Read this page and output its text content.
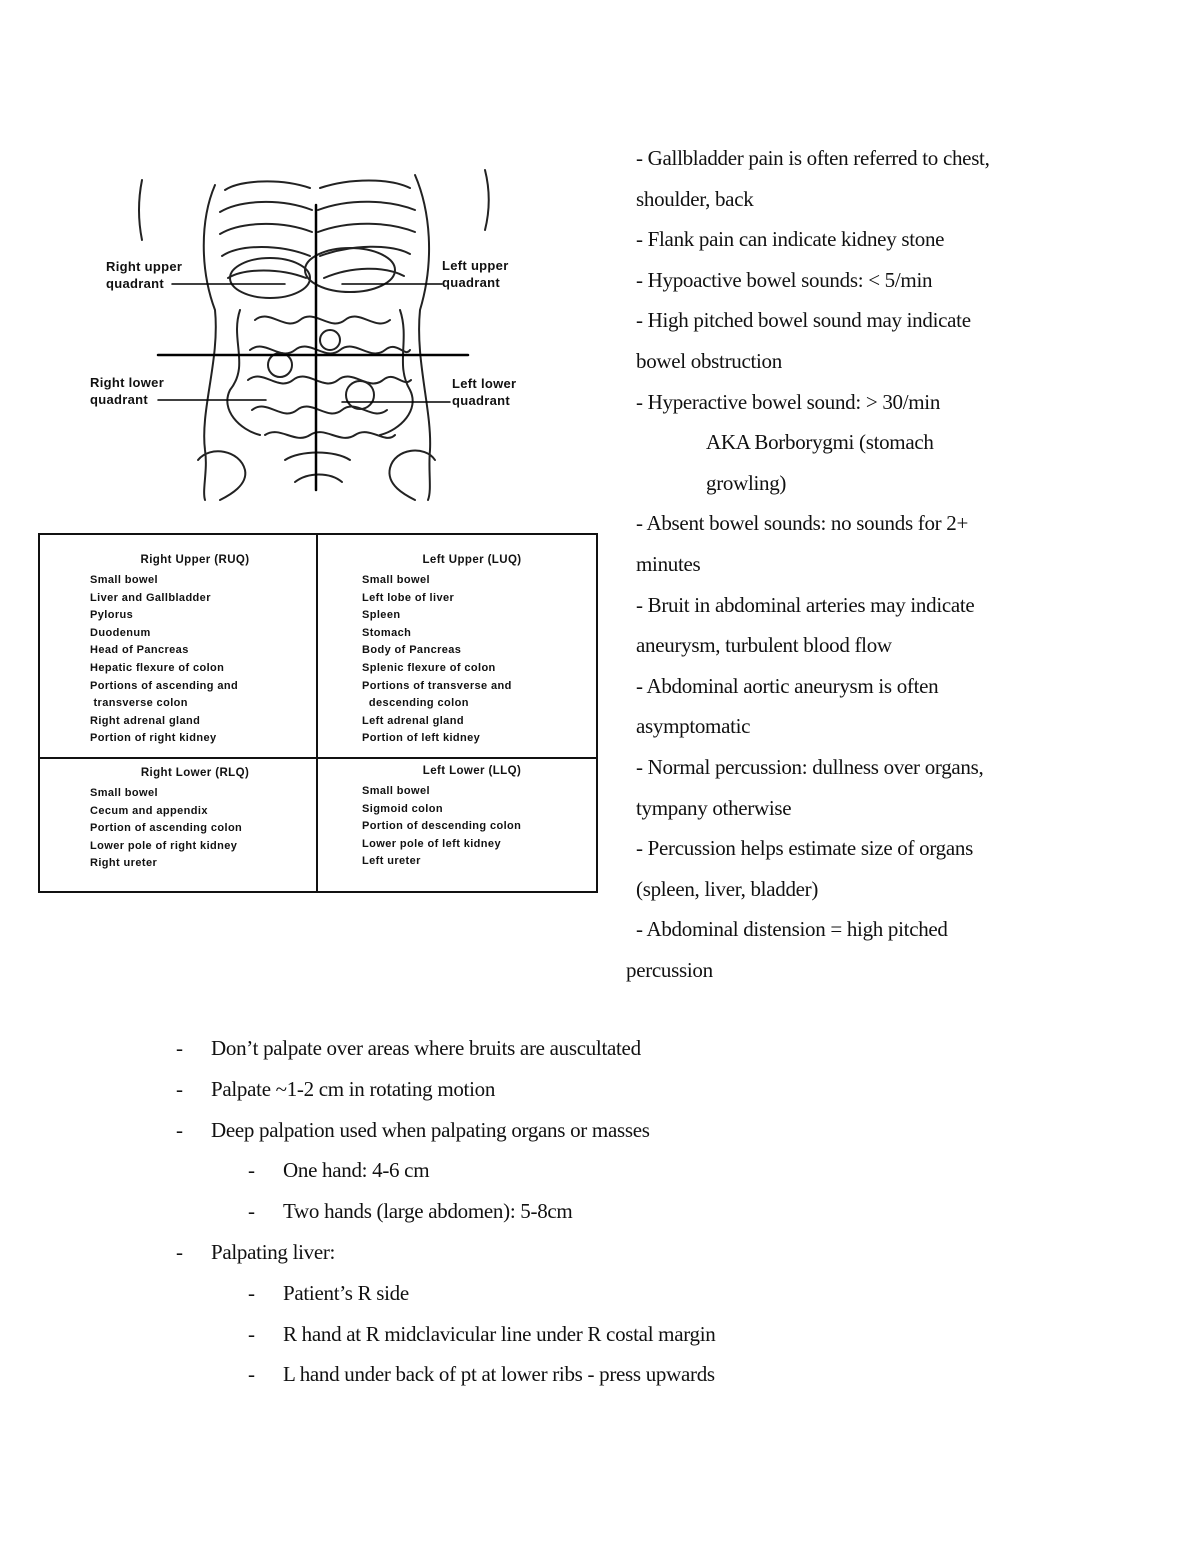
Right upper
quadrant
Left upper
quadrant
Right lower
quadrant
Left lower
quadrant
Right Upper (RUQ)
Small bowel
Liver and Gallbladder
Pylorus
Duodenum
Head of Pancreas
Hepatic flexure of colon
Portions of ascending and
transverse colon
Right adrenal gland
Portion of right kidney
Left Upper (LUQ)
Small bowel
Left lobe of liver
Spleen
Stomach
Body of Pancreas
Splenic flexure of colon
Portions of transverse and
descending colon
Left adrenal gland
Portion of left kidney
Right Lower (RLQ)
Small bowel
Cecum and appendix
Portion of ascending colon
Lower pole of right kidney
Right ureter
Left Lower (LLQ)
Small bowel
Sigmoid colon
Portion of descending colon
Lower pole of left kidney
Left ureter
- Gallbladder pain is often referred to chest,
shoulder, back
- Flank pain can indicate kidney stone
- Hypoactive bowel sounds: < 5/min
- High pitched bowel sound may indicate
bowel obstruction
- Hyperactive bowel sound: > 30/min
AKA Borborygmi (stomach
growling)
- Absent bowel sounds: no sounds for 2+
minutes
- Bruit in abdominal arteries may indicate
aneurysm, turbulent blood flow
- Abdominal aortic aneurysm is often
asymptomatic
- Normal percussion: dullness over organs,
tympany otherwise
- Percussion helps estimate size of organs
(spleen, liver, bladder)
- Abdominal distension = high pitched
percussion
- Don’t palpate over areas where bruits are auscultated
- Palpate ~1-2 cm in rotating motion
- Deep palpation used when palpating organs or masses
- One hand: 4-6 cm
- Two hands (large abdomen): 5-8cm
- Palpating liver:
- Patient’s R side
- R hand at R midclavicular line under R costal margin
- L hand under back of pt at lower ribs - press upwards
